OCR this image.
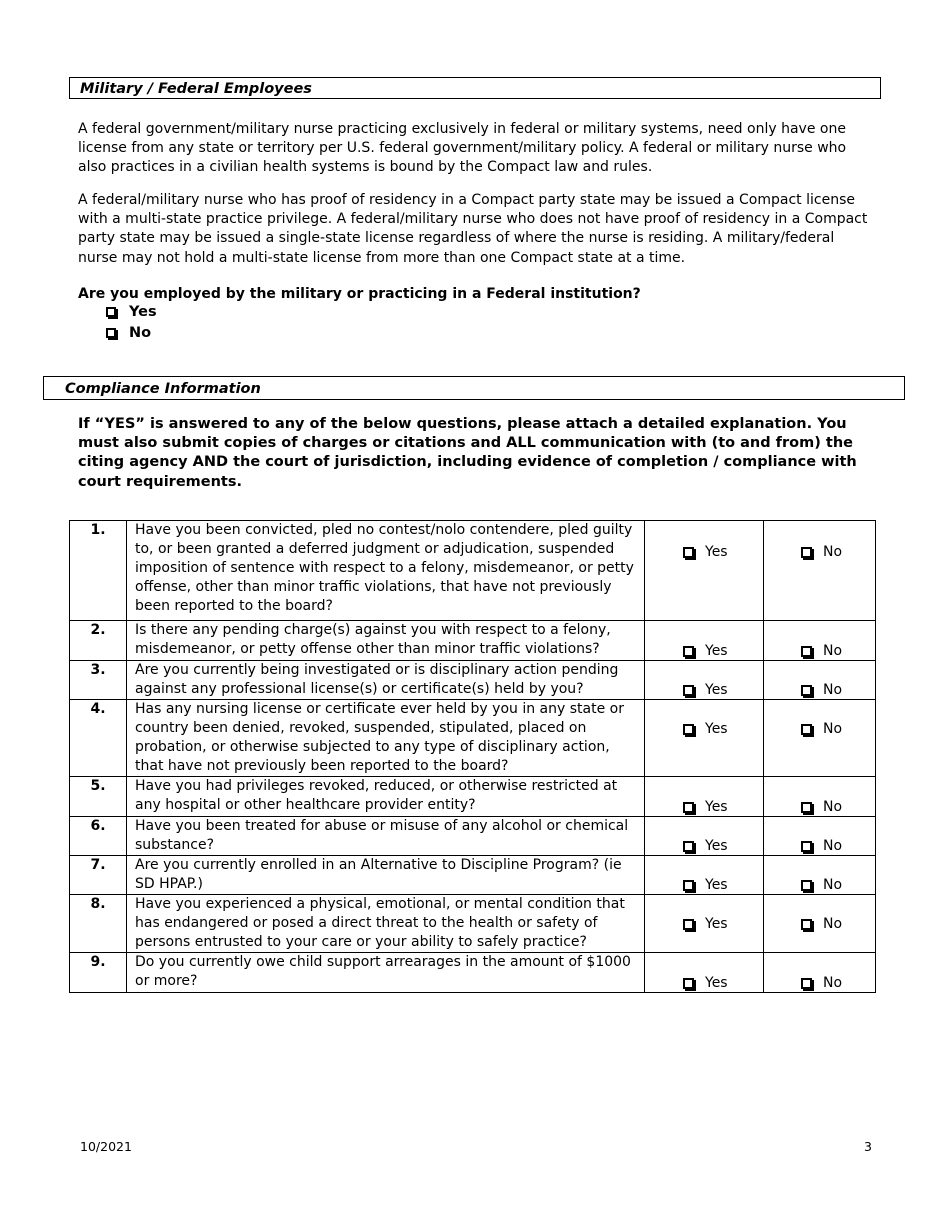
Military / Federal Employees
A federal government/military nurse practicing exclusively in federal or military systems, need only have one license from any state or territory per U.S. federal government/military policy. A federal or military nurse who also practices in a civilian health systems is bound by the Compact law and rules.
A federal/military nurse who has proof of residency in a Compact party state may be issued a Compact license with a multi-state practice privilege. A federal/military nurse who does not have proof of residency in a Compact party state may be issued a single-state license regardless of where the nurse is residing. A military/federal nurse may not hold a multi-state license from more than one Compact state at a time.
Are you employed by the military or practicing in a Federal institution?
Yes
No
Compliance Information
If “YES” is answered to any of the below questions, please attach a detailed explanation. You must also submit copies of charges or citations and ALL communication with (to and from) the citing agency AND the court of jurisdiction, including evidence of completion / compliance with court requirements.
1.	Have you been convicted, pled no contest/nolo contendere, pled guilty to, or been granted a deferred judgment or adjudication, suspended imposition of sentence with respect to a felony, misdemeanor, or petty offense, other than minor traffic violations, that have not previously been reported to the board?	Yes	No

2.	Is there any pending charge(s) against you with respect to a felony, misdemeanor, or petty offense other than minor traffic violations?	Yes	No

3.	Are you currently being investigated or is disciplinary action pending against any professional license(s) or certificate(s) held by you?	Yes	No

4.	Has any nursing license or certificate ever held by you in any state or country been denied, revoked, suspended, stipulated, placed on probation, or otherwise subjected to any type of disciplinary action, that have not previously been reported to the board?	Yes	No

5.	Have you had privileges revoked, reduced, or otherwise restricted at any hospital or other healthcare provider entity?	Yes	No

6.	Have you been treated for abuse or misuse of any alcohol or chemical substance?	Yes	No

7.	Are you currently enrolled in an Alternative to Discipline Program? (ie SD HPAP.)	Yes	No

8.	Have you experienced a physical, emotional, or mental condition that has endangered or posed a direct threat to the health or safety of persons entrusted to your care or your ability to safely practice?	Yes	No

9.	Do you currently owe child support arrearages in the amount of $1000 or more?	Yes	No
10/2021	3
